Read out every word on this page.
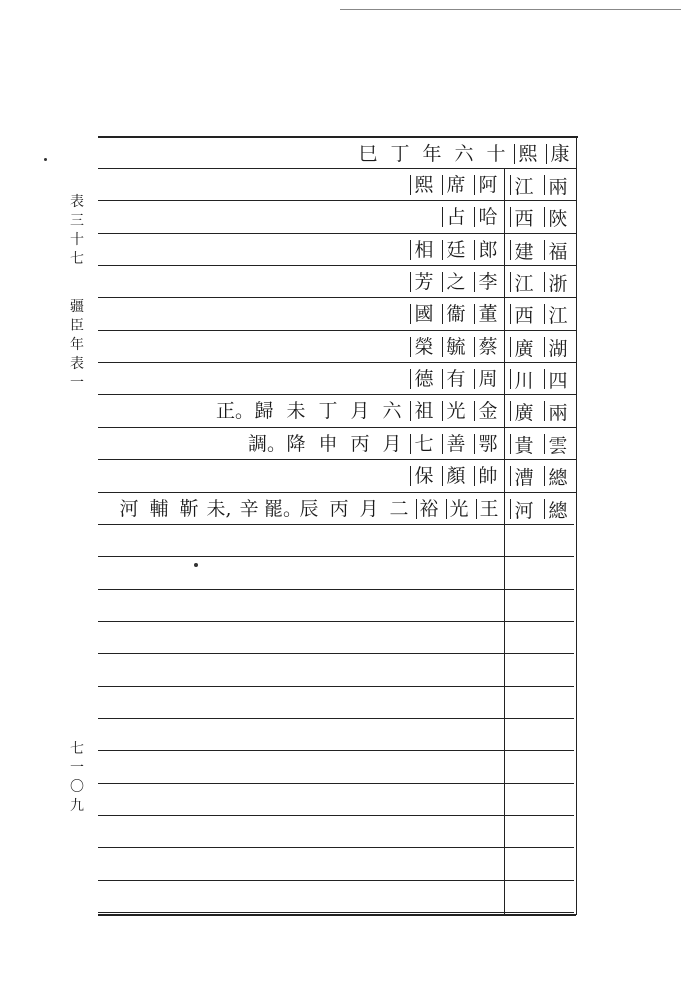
表
三
十
七
疆
臣
年
表
一
七
一
〇
九
康
熙
十
六
年
丁
巳
兩
江
阿
席
熙
陝
西
哈
占
福
建
郎
廷
相
浙
江
李
之
芳
江
西
董
衞
國
湖
廣
蔡
毓
榮
四
川
周
有
德
兩
廣
金
光
祖
六
月
丁
未
歸
正。
雲
貴
鄂
善
七
月
丙
申
降
調。
總
漕
帥
顏
保
總
河
王
光
裕
二
月
丙
辰
罷。
辛
未,
靳
輔
河
